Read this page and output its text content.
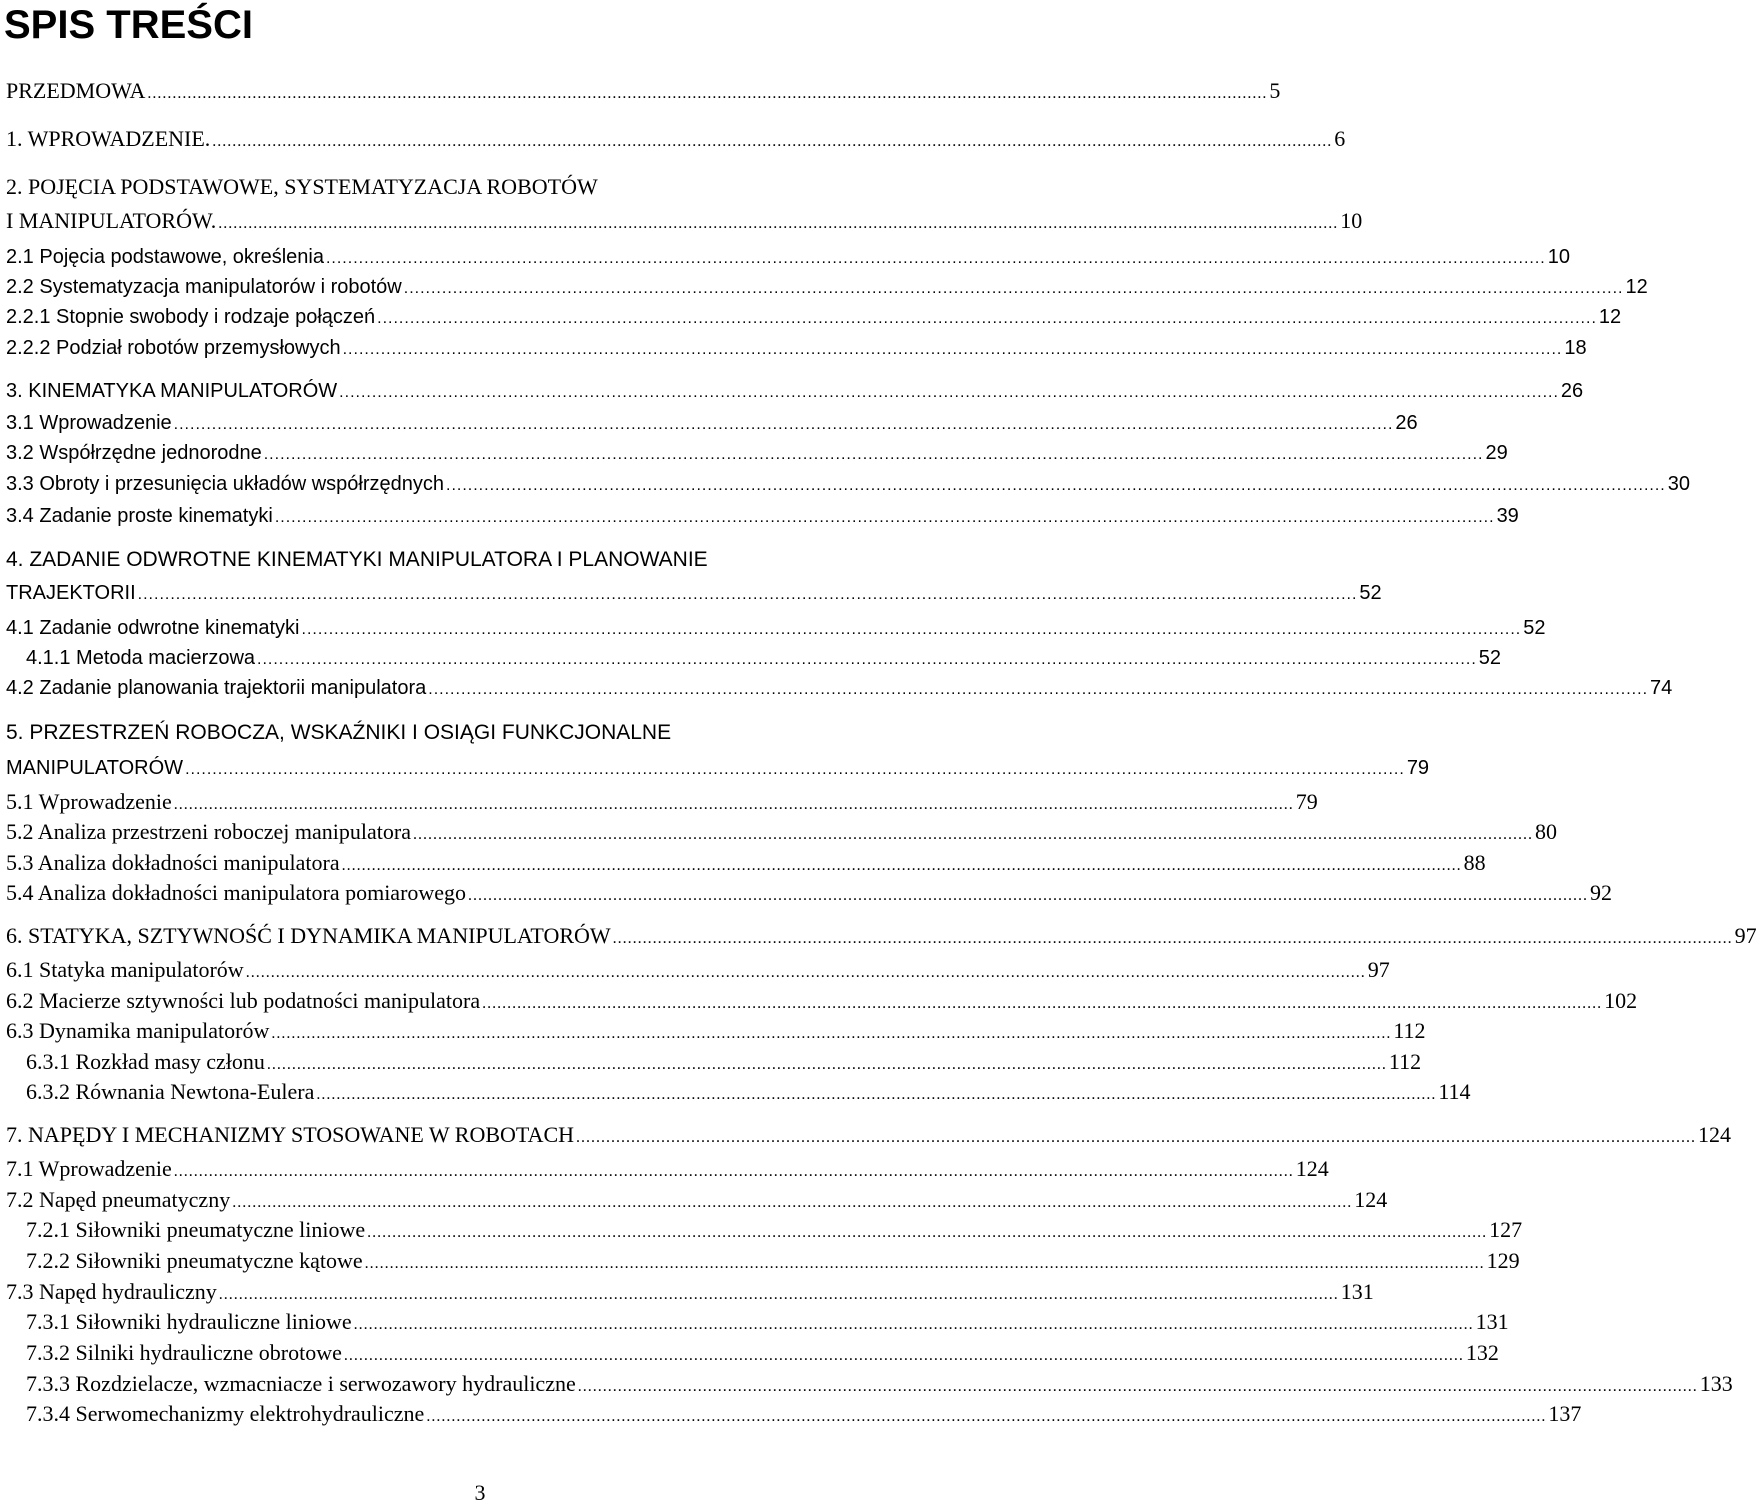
SPIS TREŚCI
PRZEDMOWA .....	5
1. WPROWADZENIE. .....	6
2. POJĘCIA PODSTAWOWE, SYSTEMATYZACJA ROBOTÓW
I MANIPULATORÓW. .....	10
2.1 Pojęcia podstawowe, określenia .....	10
2.2 Systematyzacja manipulatorów i robotów .....	12
2.2.1 Stopnie swobody i rodzaje połączeń .....	12
2.2.2 Podział robotów przemysłowych .....	18
3. KINEMATYKA MANIPULATORÓW .....	26
3.1 Wprowadzenie .....	26
3.2 Współrzędne jednorodne .....	29
3.3 Obroty i przesunięcia układów współrzędnych .....	30
3.4 Zadanie proste kinematyki .....	39
4. ZADANIE ODWROTNE KINEMATYKI MANIPULATORA I PLANOWANIE
TRAJEKTORII .....	52
4.1 Zadanie odwrotne kinematyki .....	52
4.1.1 Metoda macierzowa .....	52
4.2 Zadanie planowania trajektorii manipulatora .....	74
5. PRZESTRZEŃ ROBOCZA, WSKAŹNIKI I OSIĄGI FUNKCJONALNE
MANIPULATORÓW .....	79
5.1 Wprowadzenie .....	79
5.2 Analiza przestrzeni roboczej manipulatora .....	80
5.3 Analiza dokładności manipulatora .....	88
5.4 Analiza dokładności manipulatora pomiarowego .....	92
6. STATYKA, SZTYWNOŚĆ I DYNAMIKA MANIPULATORÓW .....	97
6.1 Statyka manipulatorów .....	97
6.2 Macierze sztywności lub podatności manipulatora .....	102
6.3 Dynamika manipulatorów .....	112
6.3.1 Rozkład masy członu .....	112
6.3.2 Równania Newtona-Eulera .....	114
7. NAPĘDY I MECHANIZMY STOSOWANE W ROBOTACH .....	124
7.1 Wprowadzenie .....	124
7.2 Napęd pneumatyczny .....	124
7.2.1 Siłowniki pneumatyczne liniowe .....	127
7.2.2 Siłowniki pneumatyczne kątowe .....	129
7.3 Napęd hydrauliczny .....	131
7.3.1 Siłowniki hydrauliczne liniowe .....	131
7.3.2 Silniki hydrauliczne obrotowe .....	132
7.3.3 Rozdzielacze, wzmacniacze i serwozawory hydrauliczne .....	133
7.3.4 Serwomechanizmy elektrohydrauliczne .....	137
3
